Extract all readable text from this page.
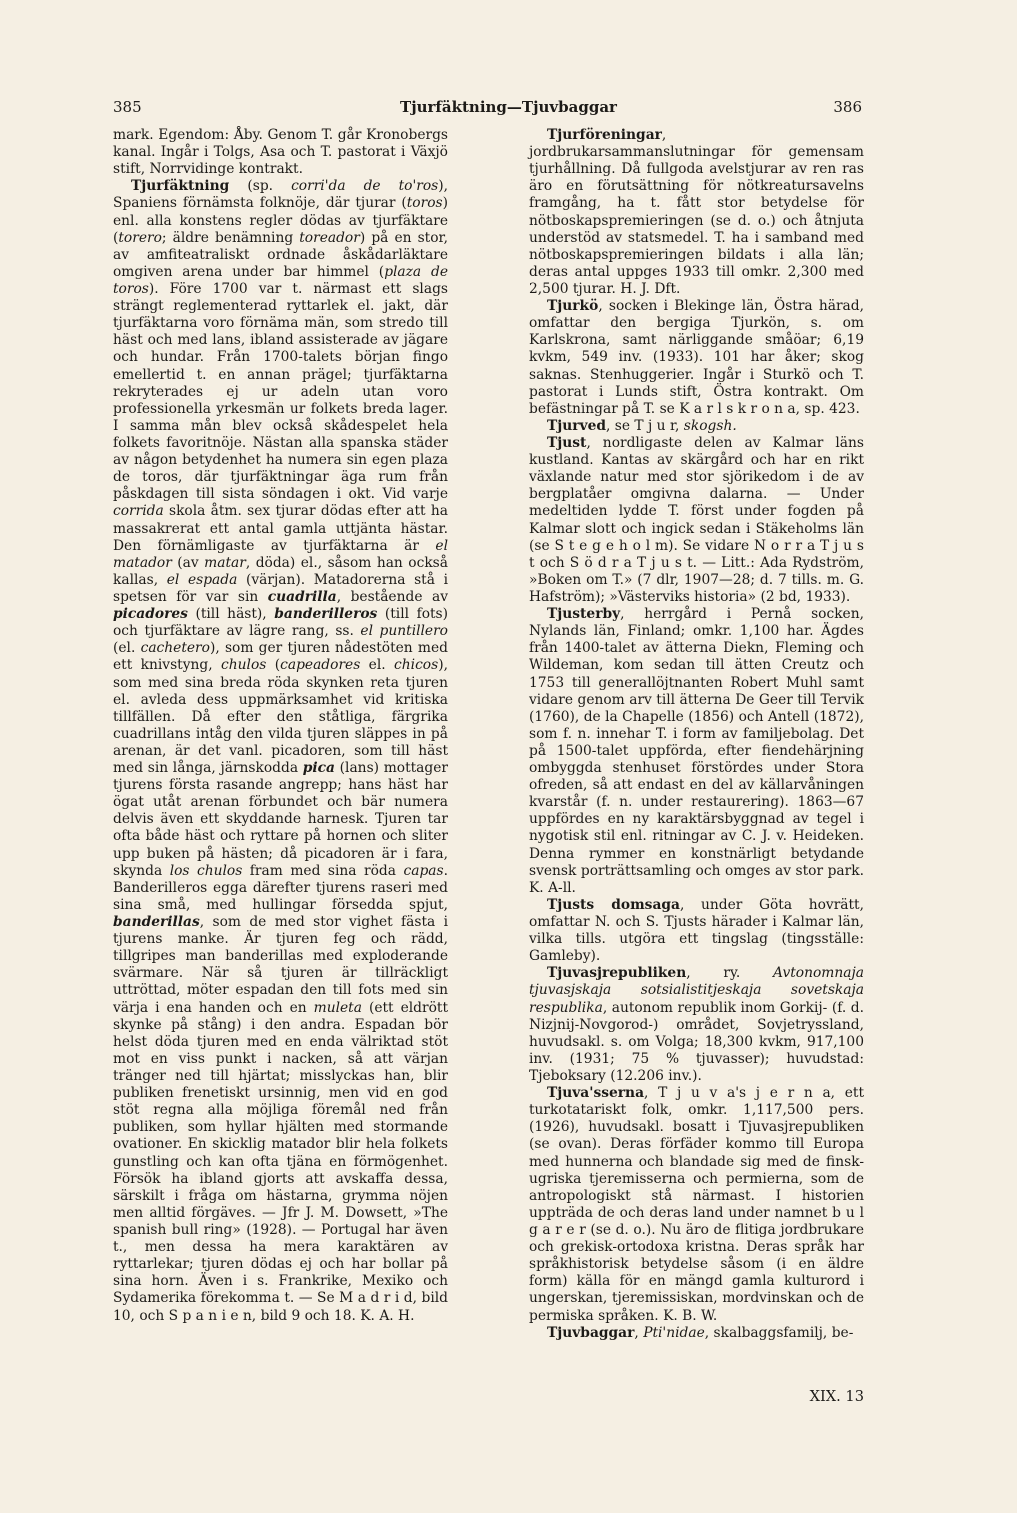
385	Tjurfäktning—Tjuvbaggar	386

mark. Egendom: Åby. Genom T. går Kronobergs kanal. Ingår i Tolgs, Asa och T. pastorat i Växjö stift, Norrvidinge kontrakt.

Tjurfäktning (sp. corri'da de to'ros), Spaniens förnämsta folknöje, där tjurar (toros) enl. alla konstens regler dödas av tjurfäktare (torero; äldre benämning toreador) på en stor, av amfiteatraliskt ordnade åskådarläktare omgiven arena under bar himmel (plaza de toros). Före 1700 var t. närmast ett slags strängt reglementerad ryttarlek el. jakt, där tjurfäktarna voro förnäma män, som stredo till häst och med lans, ibland assisterade av jägare och hundar. Från 1700-talets början fingo emellertid t. en annan prägel; tjurfäktarna rekryterades ej ur adeln utan voro professionella yrkesmän ur folkets breda lager. I samma mån blev också skådespelet hela folkets favoritnöje. Nästan alla spanska städer av någon betydenhet ha numera sin egen plaza de toros, där tjurfäktningar äga rum från påskdagen till sista söndagen i okt. Vid varje corrida skola åtm. sex tjurar dödas efter att ha massakrerat ett antal gamla uttjänta hästar. Den förnämligaste av tjurfäktarna är el matador (av matar, döda) el., såsom han också kallas, el espada (värjan). Matadorerna stå i spetsen för var sin cuadrilla, bestående av picadores (till häst), banderilleros (till fots) och tjurfäktare av lägre rang, ss. el puntillero (el. cachetero), som ger tjuren nådestöten med ett knivstyng, chulos (capeadores el. chicos), som med sina breda röda skynken reta tjuren el. avleda dess uppmärksamhet vid kritiska tillfällen. Då efter den ståtliga, färgrika cuadrillans intåg den vilda tjuren släppes in på arenan, är det vanl. picadoren, som till häst med sin långa, järnskodda pica (lans) mottager tjurens första rasande angrepp; hans häst har ögat utåt arenan förbundet och bär numera delvis även ett skyddande harnesk. Tjuren tar ofta både häst och ryttare på hornen och sliter upp buken på hästen; då picadoren är i fara, skynda los chulos fram med sina röda capas. Banderilleros egga därefter tjurens raseri med sina små, med hullingar försedda spjut, banderillas, som de med stor vighet fästa i tjurens manke. Är tjuren feg och rädd, tillgripes man banderillas med exploderande svärmare. När så tjuren är tillräckligt uttröttad, möter espadan den till fots med sin värja i ena handen och en muleta (ett eldrött skynke på stång) i den andra. Espadan bör helst döda tjuren med en enda välriktad stöt mot en viss punkt i nacken, så att värjan tränger ned till hjärtat; misslyckas han, blir publiken frenetiskt ursinnig, men vid en god stöt regna alla möjliga föremål ned från publiken, som hyllar hjälten med stormande ovationer. En skicklig matador blir hela folkets gunstling och kan ofta tjäna en förmögenhet. Försök ha ibland gjorts att avskaffa dessa, särskilt i fråga om hästarna, grymma nöjen men alltid förgäves. — Jfr J. M. Dowsett, »The spanish bull ring» (1928). — Portugal har även t., men dessa ha mera karaktären av ryttarlekar; tjuren dödas ej och har bollar på sina horn. Även i s. Frankrike, Mexiko och Sydamerika förekomma t. — Se M a d r i d, bild 10, och S p a n i e n, bild 9 och 18. K. A. H.

Tjurföreningar, jordbrukarsammanslutningar för gemensam tjurhållning. Då fullgoda avelstjurar av ren ras äro en förutsättning för nötkreatursavelns framgång, ha t. fått stor betydelse för nötboskapspremieringen (se d. o.) och åtnjuta understöd av statsmedel. T. ha i samband med nötboskapspremieringen bildats i alla län; deras antal uppges 1933 till omkr. 2,300 med 2,500 tjurar. H. J. Dft.

Tjurkö, socken i Blekinge län, Östra härad, omfattar den bergiga Tjurkön, s. om Karlskrona, samt närliggande småöar; 6,19 kvkm, 549 inv. (1933). 101 har åker; skog saknas. Stenhuggerier. Ingår i Sturkö och T. pastorat i Lunds stift, Östra kontrakt. Om befästningar på T. se K a r l s k r o n a, sp. 423.

Tjurved, se T j u r, skogsh.

Tjust, nordligaste delen av Kalmar läns kustland. Kantas av skärgård och har en rikt växlande natur med stor sjörikedom i de av bergplatåer omgivna dalarna. — Under medeltiden lydde T. först under fogden på Kalmar slott och ingick sedan i Stäkeholms län (se S t e g e h o l m). Se vidare N o r r a T j u s t och S ö d r a T j u s t. — Litt.: Ada Rydström, »Boken om T.» (7 dlr, 1907—28; d. 7 tills. m. G. Hafström); »Västerviks historia» (2 bd, 1933).

Tjusterby, herrgård i Pernå socken, Nylands län, Finland; omkr. 1,100 har. Ägdes från 1400-talet av ätterna Diekn, Fleming och Wildeman, kom sedan till ätten Creutz och 1753 till generallöjtnanten Robert Muhl samt vidare genom arv till ätterna De Geer till Tervik (1760), de la Chapelle (1856) och Antell (1872), som f. n. innehar T. i form av familjebolag. Det på 1500-talet uppförda, efter fiendehärjning ombyggda stenhuset förstördes under Stora ofreden, så att endast en del av källarvåningen kvarstår (f. n. under restaurering). 1863—67 uppfördes en ny karaktärsbyggnad av tegel i nygotisk stil enl. ritningar av C. J. v. Heideken. Denna rymmer en konstnärligt betydande svensk porträttsamling och omges av stor park. K. A-ll.

Tjusts domsaga, under Göta hovrätt, omfattar N. och S. Tjusts härader i Kalmar län, vilka tills. utgöra ett tingslag (tingsställe: Gamleby).

Tjuvasjrepubliken, ry. Avtonomnaja tjuvasjskaja sotsialistitjeskaja sovetskaja respublika, autonom republik inom Gorkij- (f. d. Nizjnij-Novgorod-) området, Sovjetryssland, huvudsakl. s. om Volga; 18,300 kvkm, 917,100 inv. (1931; 75 % tjuvasser); huvudstad: Tjeboksary (12.206 inv.).

Tjuva'sserna, T j u v a's j e r n a, ett turkotatariskt folk, omkr. 1,117,500 pers. (1926), huvudsakl. bosatt i Tjuvasjrepubliken (se ovan). Deras förfäder kommo till Europa med hunnerna och blandade sig med de finsk-ugriska tjeremisserna och permierna, som de antropologiskt stå närmast. I historien uppträda de och deras land under namnet b u l g a r e r (se d. o.). Nu äro de flitiga jordbrukare och grekisk-ortodoxa kristna. Deras språk har språkhistorisk betydelse såsom (i en äldre form) källa för en mängd gamla kulturord i ungerskan, tjeremissiskan, mordvinskan och de permiska språken. K. B. W.

Tjuvbaggar, Pti'nidae, skalbaggsfamilj, be-

XIX. 13
